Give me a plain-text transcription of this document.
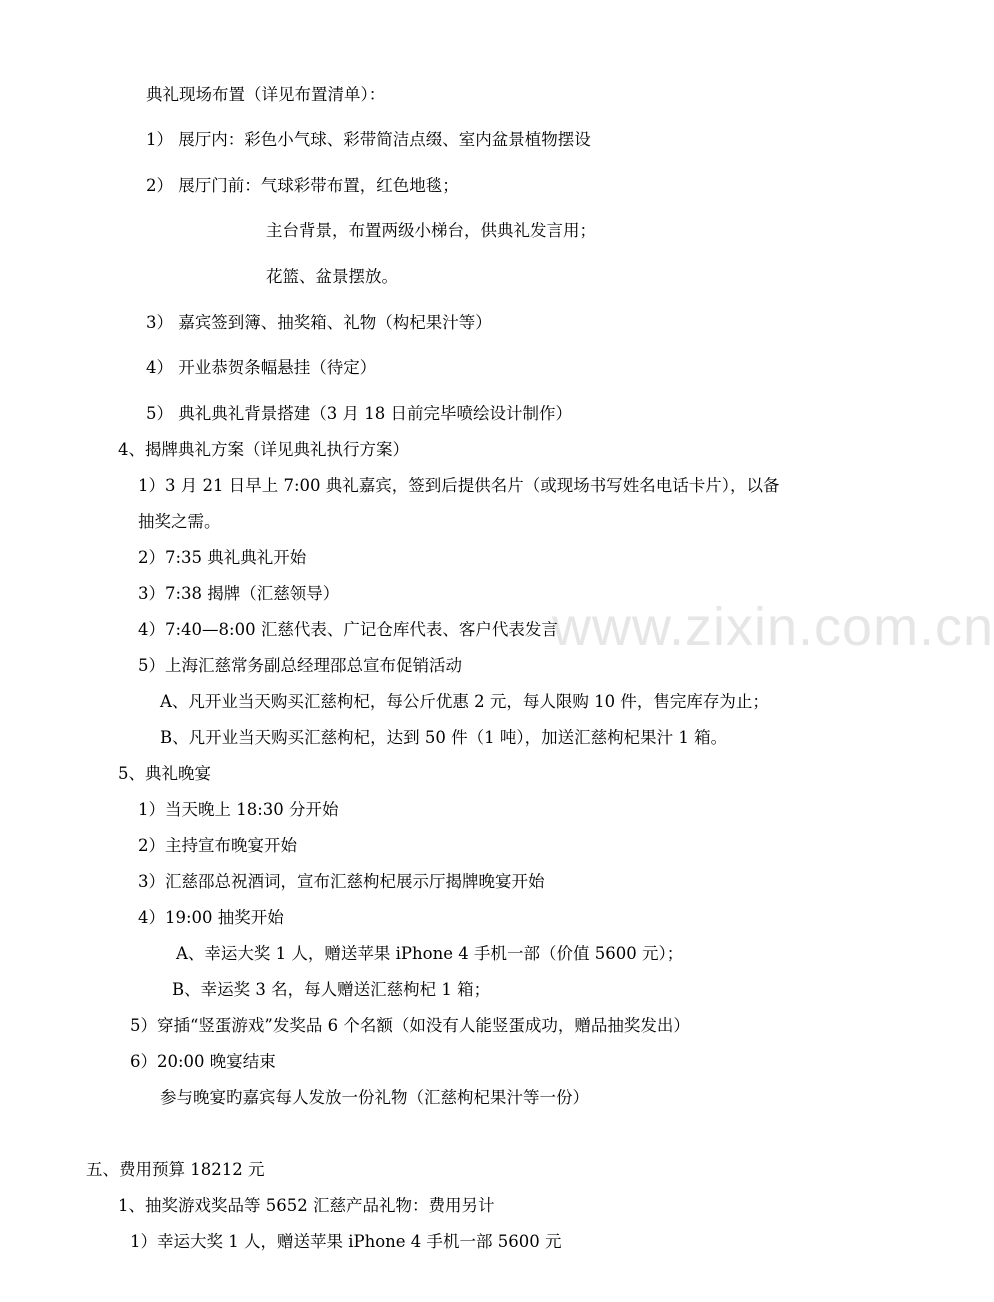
www.zixin.com.cn
典礼现场布置（详见布置清单）：
1） 展厅内：彩色小气球、彩带简洁点缀、室内盆景植物摆设
2） 展厅门前：气球彩带布置，红色地毯；
主台背景，布置两级小梯台，供典礼发言用；
花篮、盆景摆放。
3） 嘉宾签到簿、抽奖箱、礼物（构杞果汁等）
4） 开业恭贺条幅悬挂（待定）
5） 典礼典礼背景搭建（3 月 18 日前完毕喷绘设计制作）
4、揭牌典礼方案（详见典礼执行方案）
1）3 月 21 日早上 7:00 典礼嘉宾，签到后提供名片（或现场书写姓名电话卡片），以备
抽奖之需。
2）7:35 典礼典礼开始
3）7:38 揭牌（汇慈领导）
4）7:40—8:00 汇慈代表、广记仓库代表、客户代表发言
5）上海汇慈常务副总经理邵总宣布促销活动
A、凡开业当天购买汇慈枸杞，每公斤优惠 2 元，每人限购 10 件，售完库存为止；
B、凡开业当天购买汇慈枸杞，达到 50 件（1 吨），加送汇慈枸杞果汁 1 箱。
5、典礼晚宴
1）当天晚上 18:30 分开始
2）主持宣布晚宴开始
3）汇慈邵总祝酒词，宣布汇慈枸杞展示厅揭牌晚宴开始
4）19:00 抽奖开始
A、幸运大奖 1 人，赠送苹果 iPhone 4 手机一部（价值 5600 元）；
B、幸运奖 3 名，每人赠送汇慈枸杞 1 箱；
5）穿插“竖蛋游戏”发奖品 6 个名额（如没有人能竖蛋成功，赠品抽奖发出）
6）20:00 晚宴结束
参与晚宴旳嘉宾每人发放一份礼物（汇慈枸杞果汁等一份）
五、费用预算 18212 元
1、抽奖游戏奖品等 5652 汇慈产品礼物：费用另计
1）幸运大奖 1 人，赠送苹果 iPhone 4 手机一部 5600 元
